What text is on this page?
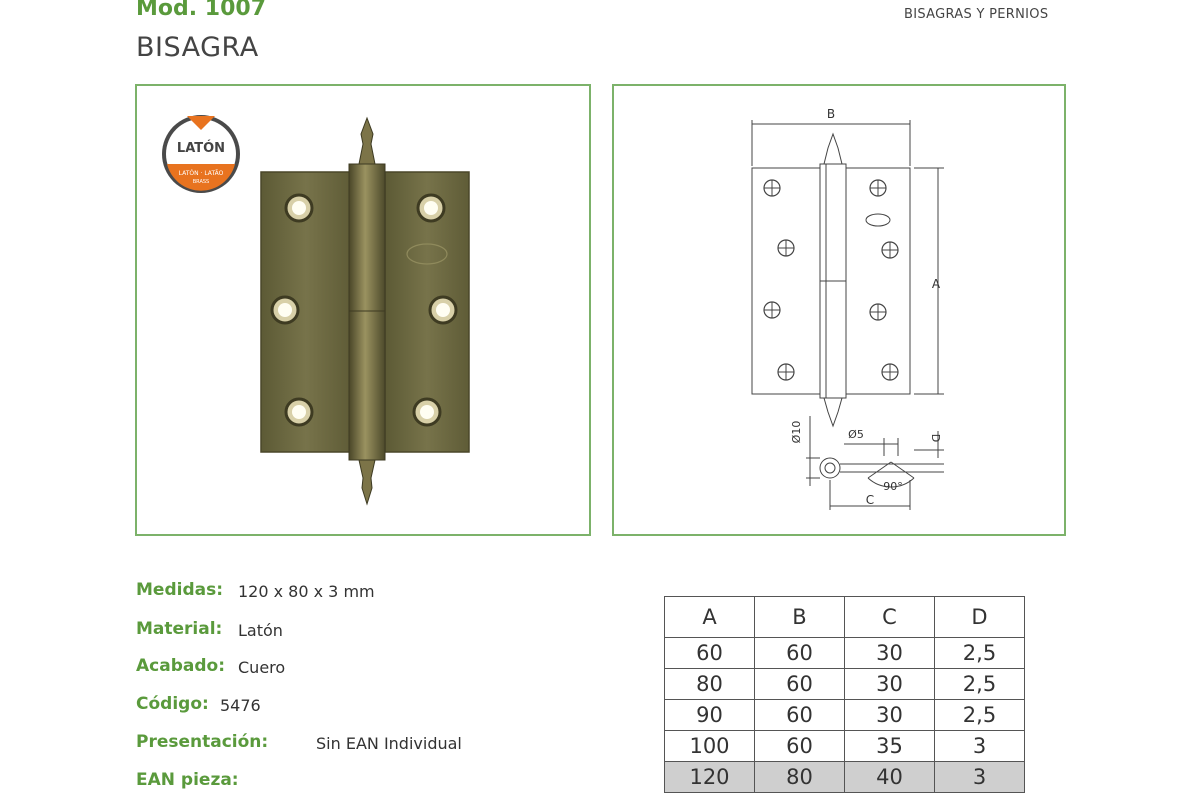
Mod. 1007
BISAGRA
BISAGRAS Y PERNIOS
LATÓN
LATÓN · LATÃO
BRASS
B
A
D
Ø10	Ø5
90°
C
Medidas: 120 x 80 x 3 mm
Material: Latón
Acabado: Cuero
Código: 5476
Presentación:	Sin EAN Individual
EAN pieza:
A	B	C	D
60	60	30	2,5
80	60	30	2,5
90	60	30	2,5
100	60	35	3
120	80	40	3
